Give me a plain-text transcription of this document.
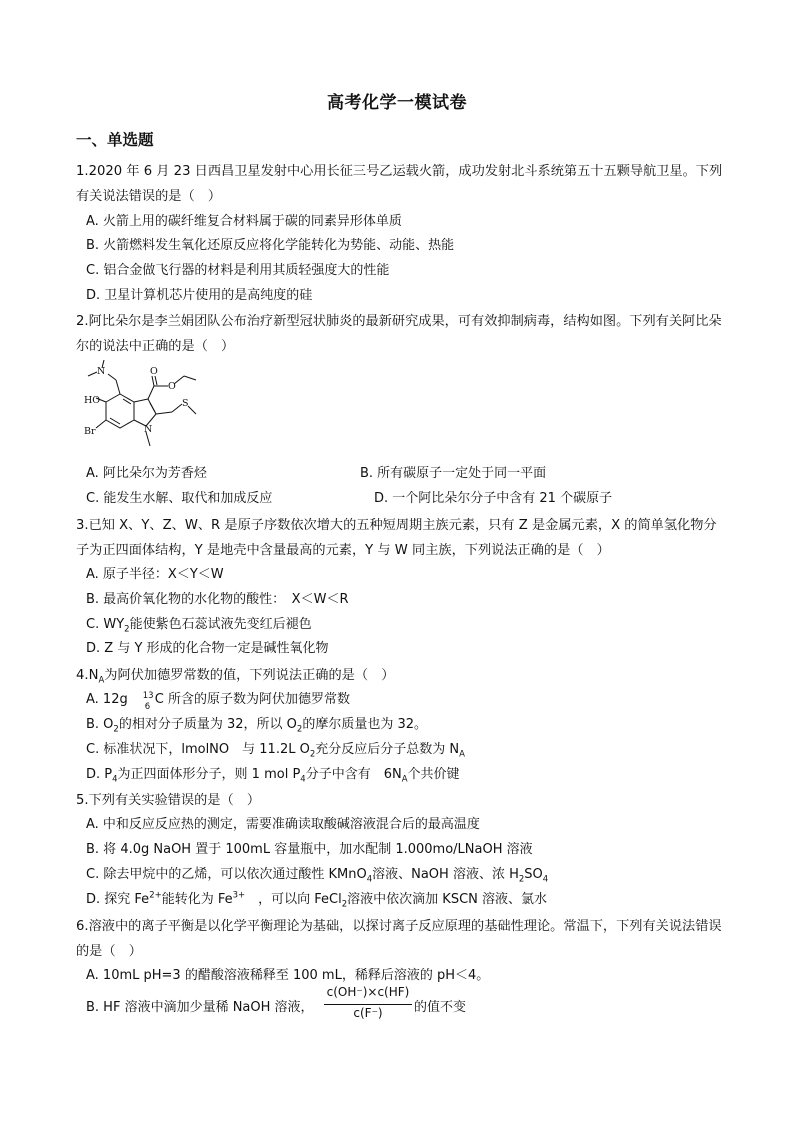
高考化学一模试卷
一、单选题
1.2020 年 6 月 23 日西昌卫星发射中心用长征三号乙运载火箭，成功发射北斗系统第五十五颗导航卫星。下列有关说法错误的是（　）
A. 火箭上用的碳纤维复合材料属于碳的同素异形体单质
B. 火箭燃料发生氧化还原反应将化学能转化为势能、动能、热能
C. 铝合金做飞行器的材料是利用其质轻强度大的性能
D. 卫星计算机芯片使用的是高纯度的硅
2.阿比朵尔是李兰娟团队公布治疗新型冠状肺炎的最新研究成果，可有效抑制病毒，结构如图。下列有关阿比朵尔的说法中正确的是（　）
N
HO
Br
N	O
O
S
A. 阿比朵尔为芳香烃	B. 所有碳原子一定处于同一平面
C. 能发生水解、取代和加成反应	D. 一个阿比朵尔分子中含有 21 个碳原子
3.已知 X、Y、Z、W、R 是原子序数依次增大的五种短周期主族元素，只有 Z 是金属元素，X 的简单氢化物分子为正四面体结构，Y 是地壳中含量最高的元素，Y 与 W 同主族，下列说法正确的是（　）
A. 原子半径：X＜Y＜W
B. 最高价氧化物的水化物的酸性：　X＜W＜R
C. $WY_2$能使紫色石蕊试液先变红后褪色
D. Z 与 Y 形成的化合物一定是碱性氧化物
$4.N_A$为阿伏加德罗常数的值，下列说法正确的是（　）
A. 12g　 13
6 C 所含的原子数为阿伏加德罗常数
B. $O_2$的相对分子质量为 32，所以 $O_2$的摩尔质量也为 32。
C. 标准状况下，lmolNO　与 11.2L $O_2$充分反应后分子总数为 $N_A$
D. $P_4$为正四面体形分子，则 1 mol $P_4$分子中含有　$6N_A$个共价键
5.下列有关实验错误的是（　）
A. 中和反应反应热的测定，需要准确读取酸碱溶液混合后的最高温度
B. 将 4.0g NaOH 置于 100mL 容量瓶中，加水配制 1.000mo/LNaOH 溶液
C. 除去甲烷中的乙烯，可以依次通过酸性 KMnO$_4$溶液、NaOH 溶液、浓 $H_2SO_4$
D. 探究 $Fe^{2+}$能转化为 $Fe^{3+}$　，可以向 FeCl$_2$溶液中依次滴加 KSCN 溶液、氯水
6.溶液中的离子平衡是以化学平衡理论为基础，以探讨离子反应原理的基础性理论。常温下，下列有关说法错误的是（　）
A. 10mL pH=3 的醋酸溶液稀释至 100 mL，稀释后溶液的 pH＜4。
B. HF 溶液中滴加少量稀 NaOH 溶液，
c(OH⁻)×c(HF)
c(F⁻)	的值不变
